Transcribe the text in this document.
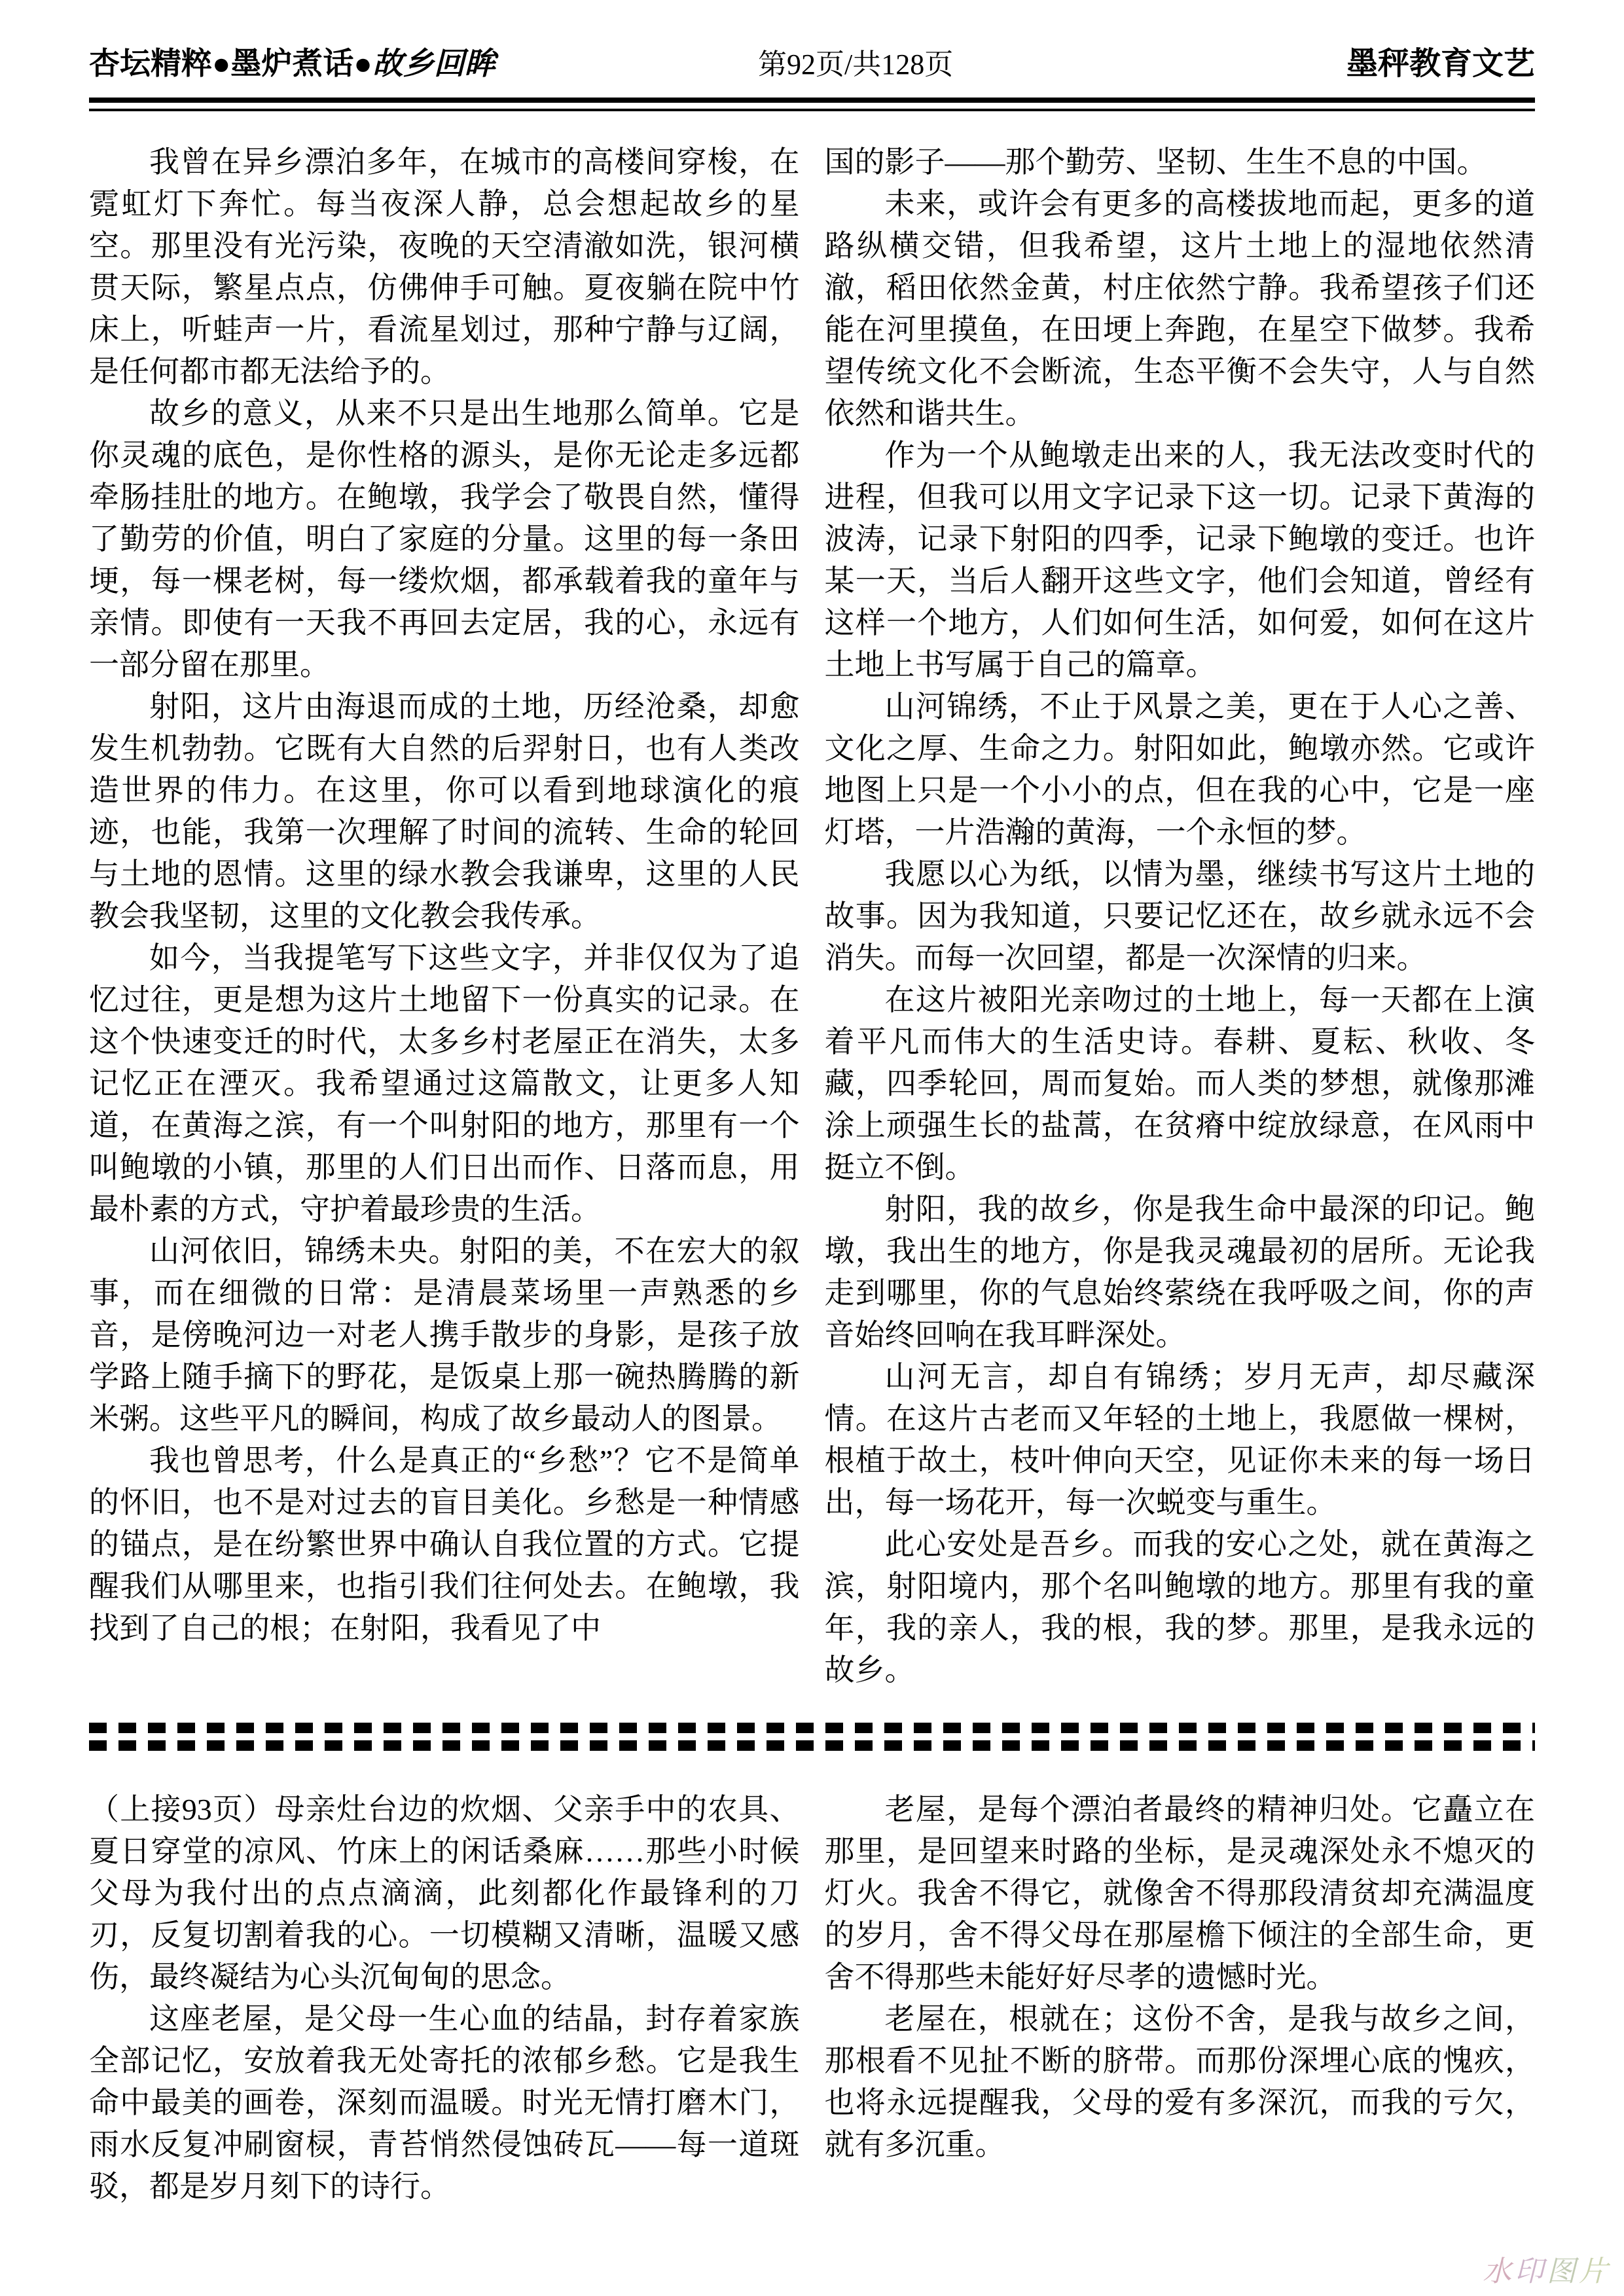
杏坛精粹●墨炉煮话●故乡回眸	第92页/共128页	墨秤教育文艺

我曾在异乡漂泊多年，在城市的高楼间穿梭，在霓虹灯下奔忙。每当夜深人静，总会想起故乡的星空。那里没有光污染，夜晚的天空清澈如洗，银河横贯天际，繁星点点，仿佛伸手可触。夏夜躺在院中竹床上，听蛙声一片，看流星划过，那种宁静与辽阔，是任何都市都无法给予的。

故乡的意义，从来不只是出生地那么简单。它是你灵魂的底色，是你性格的源头，是你无论走多远都牵肠挂肚的地方。在鲍墩，我学会了敬畏自然，懂得了勤劳的价值，明白了家庭的分量。这里的每一条田埂，每一棵老树，每一缕炊烟，都承载着我的童年与亲情。即使有一天我不再回去定居，我的心，永远有一部分留在那里。

射阳，这片由海退而成的土地，历经沧桑，却愈发生机勃勃。它既有大自然的后羿射日，也有人类改造世界的伟力。在这里，你可以看到地球演化的痕迹，也能，我第一次理解了时间的流转、生命的轮回与土地的恩情。这里的绿水教会我谦卑，这里的人民教会我坚韧，这里的文化教会我传承。

如今，当我提笔写下这些文字，并非仅仅为了追忆过往，更是想为这片土地留下一份真实的记录。在这个快速变迁的时代，太多乡村老屋正在消失，太多记忆正在湮灭。我希望通过这篇散文，让更多人知道，在黄海之滨，有一个叫射阳的地方，那里有一个叫鲍墩的小镇，那里的人们日出而作、日落而息，用最朴素的方式，守护着最珍贵的生活。

山河依旧，锦绣未央。射阳的美，不在宏大的叙事，而在细微的日常：是清晨菜场里一声熟悉的乡音，是傍晚河边一对老人携手散步的身影，是孩子放学路上随手摘下的野花，是饭桌上那一碗热腾腾的新米粥。这些平凡的瞬间，构成了故乡最动人的图景。

我也曾思考，什么是真正的“乡愁”？它不是简单的怀旧，也不是对过去的盲目美化。乡愁是一种情感的锚点，是在纷繁世界中确认自我位置的方式。它提醒我们从哪里来，也指引我们往何处去。在鲍墩，我找到了自己的根；在射阳，我看见了中

国的影子——那个勤劳、坚韧、生生不息的中国。

未来，或许会有更多的高楼拔地而起，更多的道路纵横交错，但我希望，这片土地上的湿地依然清澈，稻田依然金黄，村庄依然宁静。我希望孩子们还能在河里摸鱼，在田埂上奔跑，在星空下做梦。我希望传统文化不会断流，生态平衡不会失守，人与自然依然和谐共生。

作为一个从鲍墩走出来的人，我无法改变时代的进程，但我可以用文字记录下这一切。记录下黄海的波涛，记录下射阳的四季，记录下鲍墩的变迁。也许某一天，当后人翻开这些文字，他们会知道，曾经有这样一个地方，人们如何生活，如何爱，如何在这片土地上书写属于自己的篇章。

山河锦绣，不止于风景之美，更在于人心之善、文化之厚、生命之力。射阳如此，鲍墩亦然。它或许地图上只是一个小小的点，但在我的心中，它是一座灯塔，一片浩瀚的黄海，一个永恒的梦。

我愿以心为纸，以情为墨，继续书写这片土地的故事。因为我知道，只要记忆还在，故乡就永远不会消失。而每一次回望，都是一次深情的归来。

在这片被阳光亲吻过的土地上，每一天都在上演着平凡而伟大的生活史诗。春耕、夏耘、秋收、冬藏，四季轮回，周而复始。而人类的梦想，就像那滩涂上顽强生长的盐蒿，在贫瘠中绽放绿意，在风雨中挺立不倒。

射阳，我的故乡，你是我生命中最深的印记。鲍墩，我出生的地方，你是我灵魂最初的居所。无论我走到哪里，你的气息始终萦绕在我呼吸之间，你的声音始终回响在我耳畔深处。

山河无言，却自有锦绣；岁月无声，却尽藏深情。在这片古老而又年轻的土地上，我愿做一棵树，根植于故土，枝叶伸向天空，见证你未来的每一场日出，每一场花开，每一次蜕变与重生。

此心安处是吾乡。而我的安心之处，就在黄海之滨，射阳境内，那个名叫鲍墩的地方。那里有我的童年，我的亲人，我的根，我的梦。那里，是我永远的故乡。

（上接93页）母亲灶台边的炊烟、父亲手中的农具、夏日穿堂的凉风、竹床上的闲话桑麻……那些小时候父母为我付出的点点滴滴，此刻都化作最锋利的刀刃，反复切割着我的心。一切模糊又清晰，温暖又感伤，最终凝结为心头沉甸甸的思念。

这座老屋，是父母一生心血的结晶，封存着家族全部记忆，安放着我无处寄托的浓郁乡愁。它是我生命中最美的画卷，深刻而温暖。时光无情打磨木门，雨水反复冲刷窗棂，青苔悄然侵蚀砖瓦——每一道斑驳，都是岁月刻下的诗行。

老屋，是每个漂泊者最终的精神归处。它矗立在那里，是回望来时路的坐标，是灵魂深处永不熄灭的灯火。我舍不得它，就像舍不得那段清贫却充满温度的岁月，舍不得父母在那屋檐下倾注的全部生命，更舍不得那些未能好好尽孝的遗憾时光。

老屋在，根就在；这份不舍，是我与故乡之间，那根看不见扯不断的脐带。而那份深埋心底的愧疚，也将永远提醒我，父母的爱有多深沉，而我的亏欠，就有多沉重。

水印图片
